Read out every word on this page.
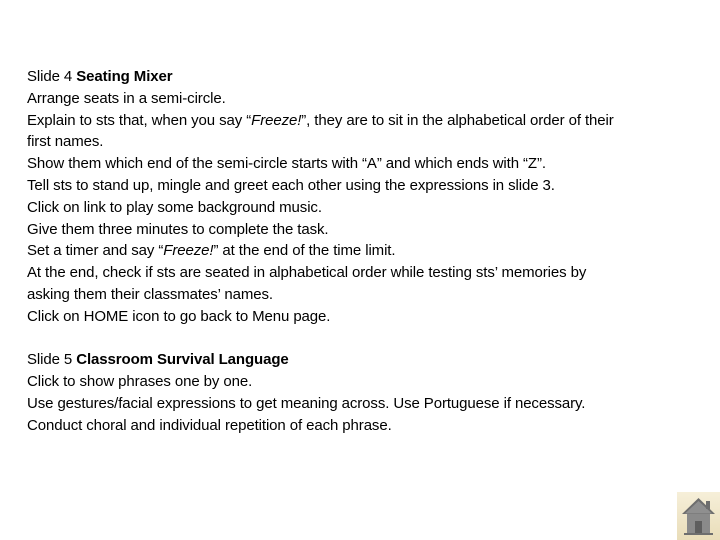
Slide 4 Seating Mixer

Arrange seats in a semi-circle.

Explain to sts that, when you say “Freeze!”, they are to sit in the alphabetical order of their

first names.

Show them which end of the semi-circle starts with “A” and which ends with “Z”.

Tell sts to stand up, mingle and greet each other using the expressions in slide 3.

Click on link to play some background music.

Give them three minutes to complete the task.

Set a timer and say “Freeze!” at the end of the time limit.

At the end, check if sts are seated in alphabetical order while testing sts’ memories by

asking them their classmates’ names.

Click on HOME icon to go back to Menu page.

Slide 5 Classroom Survival Language

Click to show phrases one by one.

Use gestures/facial expressions to get meaning across. Use Portuguese if necessary.

Conduct choral and individual repetition of each phrase.
